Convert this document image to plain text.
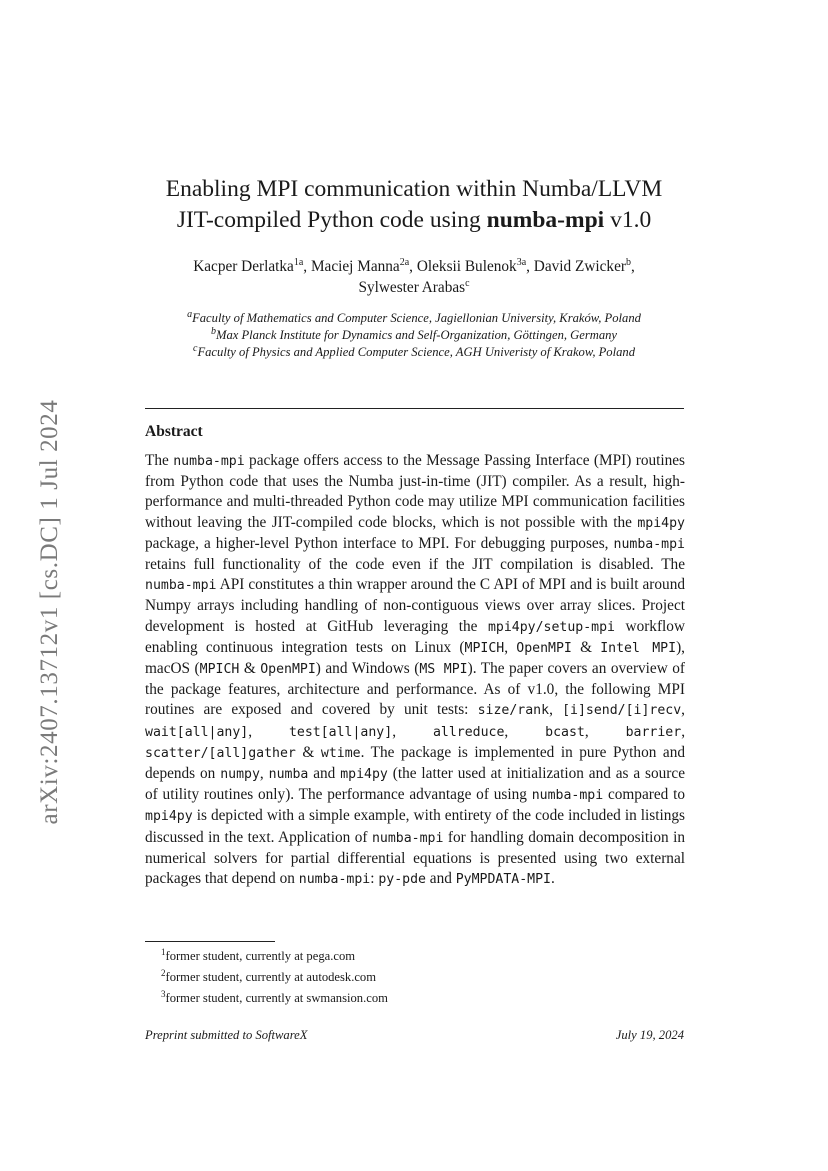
arXiv:2407.13712v1 [cs.DC] 1 Jul 2024
Enabling MPI communication within Numba/LLVM
JIT-compiled Python code using numba-mpi v1.0
Kacper Derlatka$^{1a}$, Maciej Manna$^{2a}$, Oleksii Bulenok$^{3a}$, David Zwicker$^b$,
Sylwester Arabas$^c$
$^a$Faculty of Mathematics and Computer Science, Jagiellonian University, Kraków, Poland
$^b$Max Planck Institute for Dynamics and Self-Organization, Göttingen, Germany
$^c$Faculty of Physics and Applied Computer Science, AGH Univeristy of Krakow, Poland
Abstract
The numba-mpi package offers access to the Message Passing Interface (MPI) routines from Python code that uses the Numba just-in-time (JIT) compiler. As a result, high-performance and multi-threaded Python code may utilize MPI communication facilities without leaving the JIT-compiled code blocks, which is not possible with the mpi4py package, a higher-level Python interface to MPI. For debugging purposes, numba-mpi retains full functionality of the code even if the JIT compilation is disabled. The numba-mpi API constitutes a thin wrapper around the C API of MPI and is built around Numpy arrays including handling of non-contiguous views over array slices. Project development is hosted at GitHub leveraging the mpi4py/setup-mpi workflow enabling continuous integration tests on Linux (MPICH, OpenMPI & Intel MPI), macOS (MPICH & OpenMPI) and Windows (MS MPI). The paper covers an overview of the package features, architecture and performance. As of v1.0, the following MPI routines are exposed and covered by unit tests: size/rank, [i]send/[i]recv, wait[all|any], test[all|any], allreduce, bcast, barrier, scatter/[all]gather & wtime. The package is implemented in pure Python and depends on numpy, numba and mpi4py (the latter used at initialization and as a source of utility routines only). The performance advantage of using numba-mpi compared to mpi4py is depicted with a simple example, with entirety of the code included in listings discussed in the text. Application of numba-mpi for handling domain decomposition in numerical solvers for partial differential equations is presented using two external packages that depend on numba-mpi: py-pde and PyMPDATA-MPI.
$^1$former student, currently at pega.com
$^2$former student, currently at autodesk.com
$^3$former student, currently at swmansion.com
Preprint submitted to SoftwareX	July 19, 2024
